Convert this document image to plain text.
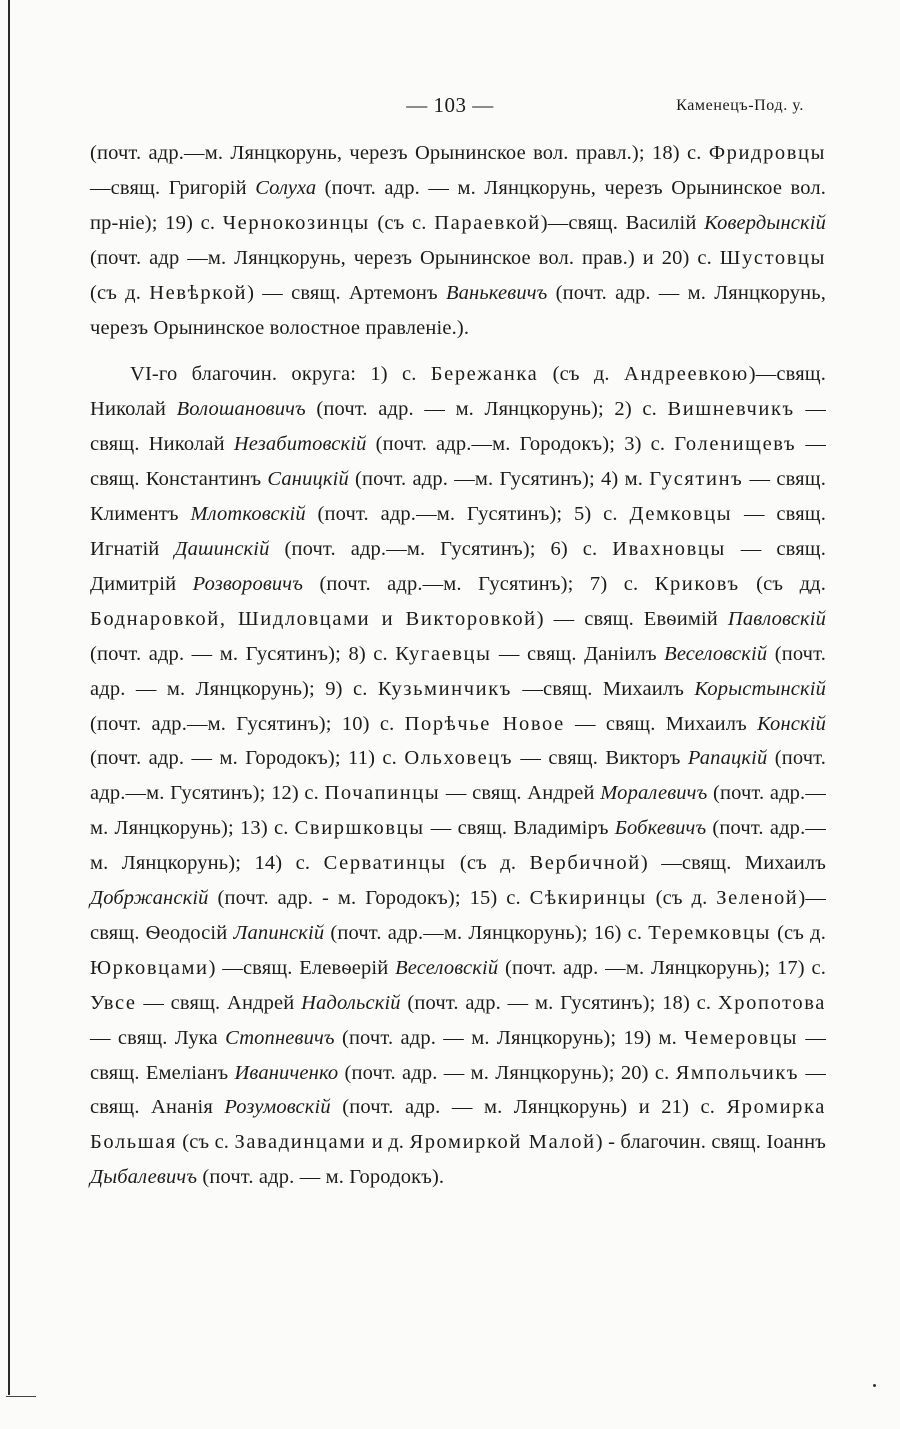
— 103 —	Каменецъ-Под. у.

(почт. адр.—м. Лянцкорунь, черезъ Орынинское вол. правл.); 18) с. Фридровцы—свящ. Григорій Солуха (почт. адр. — м. Лянцкорунь, черезъ Орынинское вол. пр-ніе); 19) с. Чернокозинцы (съ с. Параевкой)—свящ. Василій Ковердынскій (почт. адр —м. Лянцкорунь, черезъ Орынинское вол. прав.) и 20) с. Шустовцы (съ д. Невѣркой) — свящ. Артемонъ Ванькевичъ (почт. адр. — м. Лянцкорунь, черезъ Орынинское волостное правленіе.).

VI-го благочин. округа: 1) с. Бережанка (съ д. Андреевкою)—свящ. Николай Волошановичъ (почт. адр. — м. Лянцкорунь); 2) с. Вишневчикъ — свящ. Николай Незабитовскій (почт. адр.—м. Городокъ); 3) с. Голенищевъ — свящ. Константинъ Саницкій (почт. адр. —м. Гусятинъ); 4) м. Гусятинъ — свящ. Климентъ Млотковскій (почт. адр.—м. Гусятинъ); 5) с. Демковцы — свящ. Игнатій Дашинскій (почт. адр.—м. Гусятинъ); 6) с. Ивахновцы — свящ. Димитрій Розворовичъ (почт. адр.—м. Гусятинъ); 7) с. Криковъ (съ дд. Боднаровкой, Шидловцами и Викторовкой) — свящ. Евѳимій Павловскій (почт. адр. — м. Гусятинъ); 8) с. Кугаевцы — свящ. Даніилъ Веселовскій (почт. адр. — м. Лянцкорунь); 9) с. Кузьминчикъ —свящ. Михаилъ Корыстынскій (почт. адр.—м. Гусятинъ); 10) с. Порѣчье Новое — свящ. Михаилъ Конскій (почт. адр. — м. Городокъ); 11) с. Ольховецъ — свящ. Викторъ Рапацкій (почт. адр.—м. Гусятинъ); 12) с. Почапинцы — свящ. Андрей Моралевичъ (почт. адр.— м. Лянцкорунь); 13) с. Свиршковцы — свящ. Владиміръ Бобкевичъ (почт. адр.—м. Лянцкорунь); 14) с. Серватинцы (съ д. Вербичной) —свящ. Михаилъ Добржанскій (почт. адр. - м. Городокъ); 15) с. Сѣкиринцы (съ д. Зеленой)—свящ. Ѳеодосій Лапинскій (почт. адр.—м. Лянцкорунь); 16) с. Теремковцы (съ д. Юрковцами) —свящ. Елевѳерій Веселовскій (почт. адр. —м. Лянцкорунь); 17) с. Увсе — свящ. Андрей Надольскій (почт. адр. — м. Гусятинъ); 18) с. Хропотова — свящ. Лука Стопневичъ (почт. адр. — м. Лянцкорунь); 19) м. Чемеровцы — свящ. Емеліанъ Иваниченко (почт. адр. — м. Лянцкорунь); 20) с. Ямпольчикъ — свящ. Ананія Розумовскій (почт. адр. — м. Лянцкорунь) и 21) с. Яромирка Большая (съ с. Завадинцами и д. Яромиркой Малой) - благочин. свящ. Іоаннъ Дыбалевичъ (почт. адр. — м. Городокъ).
